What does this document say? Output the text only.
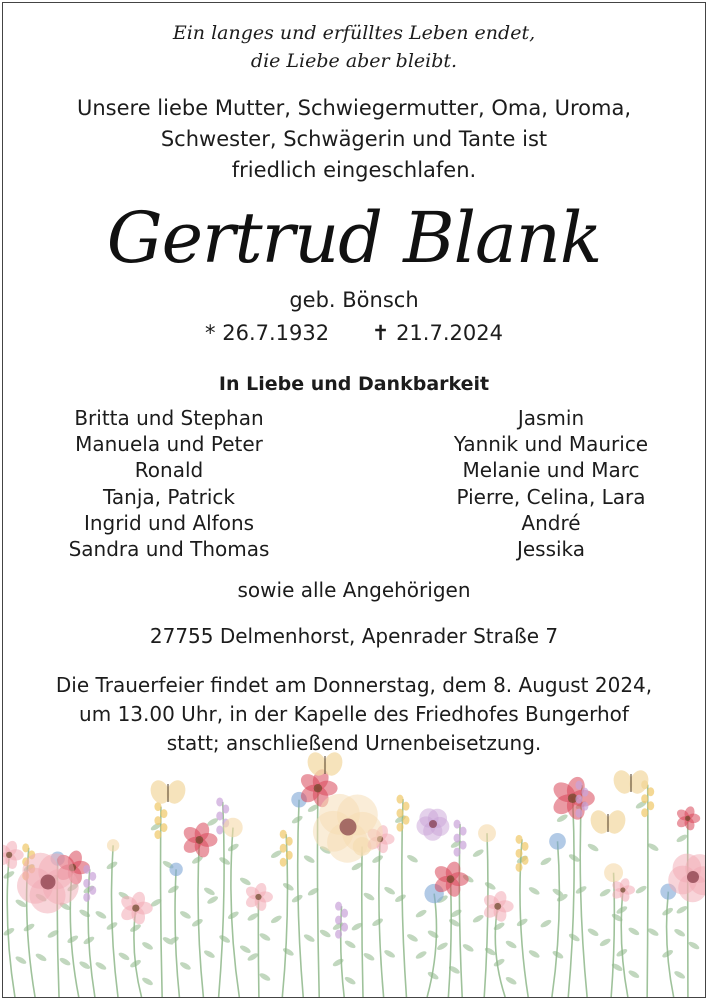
Ein langes und erfülltes Leben endet,
die Liebe aber bleibt.
Unsere liebe Mutter, Schwiegermutter, Oma, Uroma,
Schwester, Schwägerin und Tante ist
friedlich eingeschlafen.
Gertrud Blank
geb. Bönsch
* 26.7.1932 ✝ 21.7.2024
In Liebe und Dankbarkeit
Britta und Stephan
Manuela und Peter
Ronald
Tanja, Patrick
Ingrid und Alfons
Sandra und Thomas
Jasmin
Yannik und Maurice
Melanie und Marc
Pierre, Celina, Lara
André
Jessika
sowie alle Angehörigen
27755 Delmenhorst, Apenrader Straße 7
Die Trauerfeier findet am Donnerstag, dem 8. August 2024,
um 13.00 Uhr, in der Kapelle des Friedhofes Bungerhof
statt; anschließend Urnenbeisetzung.
